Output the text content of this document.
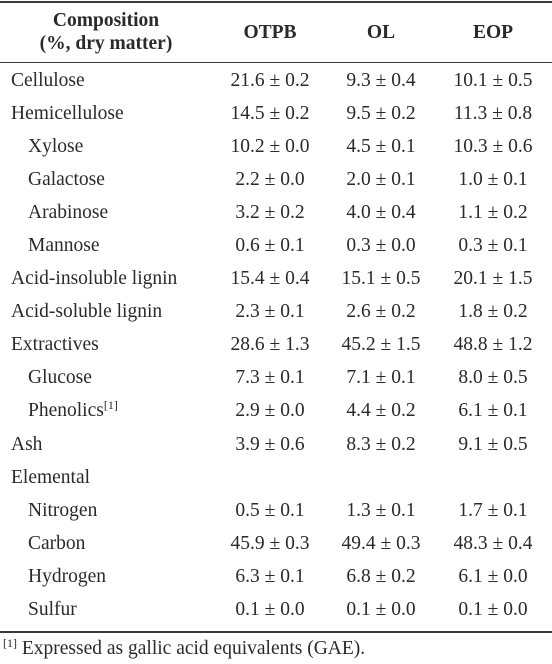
Composition
(%, dry matter)
OTPB	OL	EOP
Cellulose	21.6 ± 0.2	9.3 ± 0.4	10.1 ± 0.5
Hemicellulose	14.5 ± 0.2	9.5 ± 0.2	11.3 ± 0.8
Xylose	10.2 ± 0.0	4.5 ± 0.1	10.3 ± 0.6
Galactose	2.2 ± 0.0	2.0 ± 0.1	1.0 ± 0.1
Arabinose	3.2 ± 0.2	4.0 ± 0.4	1.1 ± 0.2
Mannose	0.6 ± 0.1	0.3 ± 0.0	0.3 ± 0.1
Acid-insoluble lignin	15.4 ± 0.4	15.1 ± 0.5	20.1 ± 1.5
Acid-soluble lignin	2.3 ± 0.1	2.6 ± 0.2	1.8 ± 0.2
Extractives	28.6 ± 1.3	45.2 ± 1.5	48.8 ± 1.2
Glucose	7.3 ± 0.1	7.1 ± 0.1	8.0 ± 0.5
Phenolics[1]	2.9 ± 0.0	4.4 ± 0.2	6.1 ± 0.1
Ash	3.9 ± 0.6	8.3 ± 0.2	9.1 ± 0.5
Elemental
Nitrogen	0.5 ± 0.1	1.3 ± 0.1	1.7 ± 0.1
Carbon	45.9 ± 0.3	49.4 ± 0.3	48.3 ± 0.4
Hydrogen	6.3 ± 0.1	6.8 ± 0.2	6.1 ± 0.0
Sulfur	0.1 ± 0.0	0.1 ± 0.0	0.1 ± 0.0
[1] Expressed as gallic acid equivalents (GAE).
